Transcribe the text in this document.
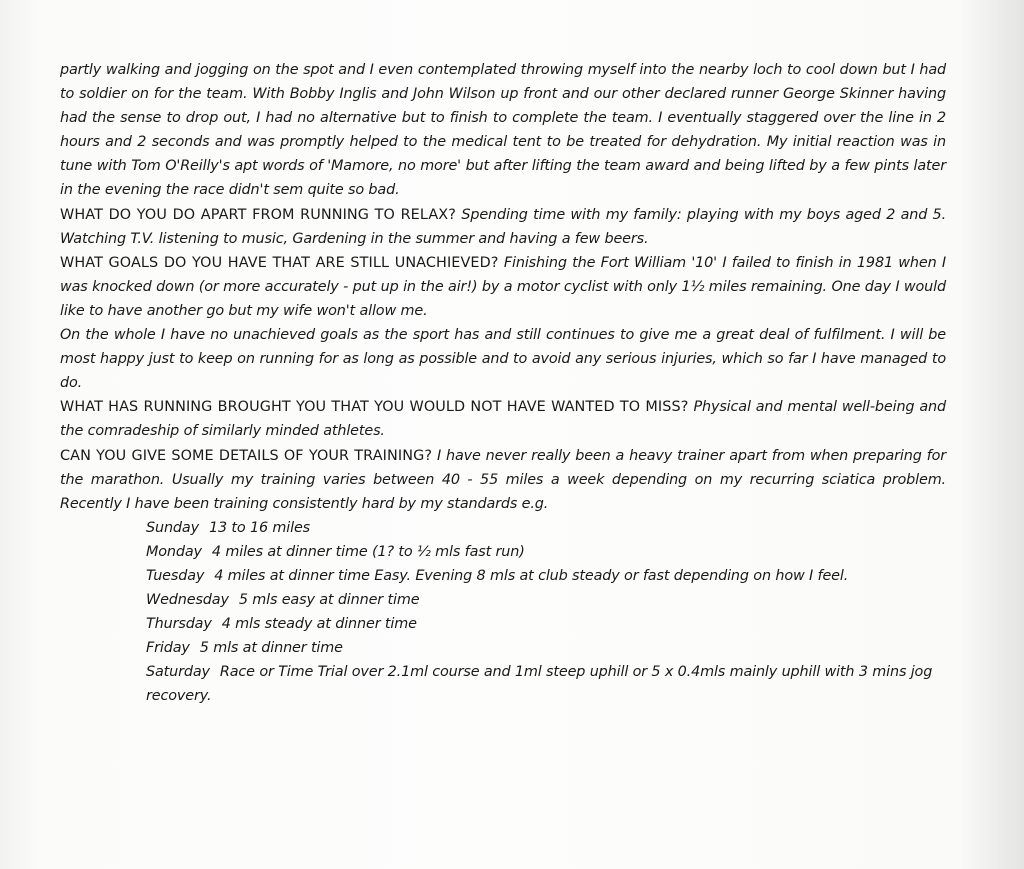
partly walking and jogging on the spot and I even contemplated throwing myself into the nearby loch to cool down but I had to soldier on for the team. With Bobby Inglis and John Wilson up front and our other declared runner George Skinner having had the sense to drop out, I had no alternative but to finish to complete the team. I eventually staggered over the line in 2 hours and 2 seconds and was promptly helped to the medical tent to be treated for dehydration. My initial reaction was in tune with Tom O'Reilly's apt words of 'Mamore, no more' but after lifting the team award and being lifted by a few pints later in the evening the race didn't sem quite so bad.

WHAT DO YOU DO APART FROM RUNNING TO RELAX? Spending time with my family: playing with my boys aged 2 and 5. Watching T.V. listening to music, Gardening in the summer and having a few beers.

WHAT GOALS DO YOU HAVE THAT ARE STILL UNACHIEVED? Finishing the Fort William '10' I failed to finish in 1981 when I was knocked down (or more accurately - put up in the air!) by a motor cyclist with only 1½ miles remaining. One day I would like to have another go but my wife won't allow me.

On the whole I have no unachieved goals as the sport has and still continues to give me a great deal of fulfilment. I will be most happy just to keep on running for as long as possible and to avoid any serious injuries, which so far I have managed to do.

WHAT HAS RUNNING BROUGHT YOU THAT YOU WOULD NOT HAVE WANTED TO MISS? Physical and mental well-being and the comradeship of similarly minded athletes.

CAN YOU GIVE SOME DETAILS OF YOUR TRAINING? I have never really been a heavy trainer apart from when preparing for the marathon. Usually my training varies between 40 - 55 miles a week depending on my recurring sciatica problem. Recently I have been training consistently hard by my standards e.g.

Sunday 13 to 16 miles
Monday 4 miles at dinner time (1? to ½ mls fast run)
Tuesday 4 miles at dinner time Easy. Evening 8 mls at club steady or fast depending on how I feel.
Wednesday 5 mls easy at dinner time
Thursday 4 mls steady at dinner time
Friday 5 mls at dinner time
Saturday Race or Time Trial over 2.1ml course and 1ml steep uphill or 5 x 0.4mls mainly uphill with 3 mins jog recovery.
